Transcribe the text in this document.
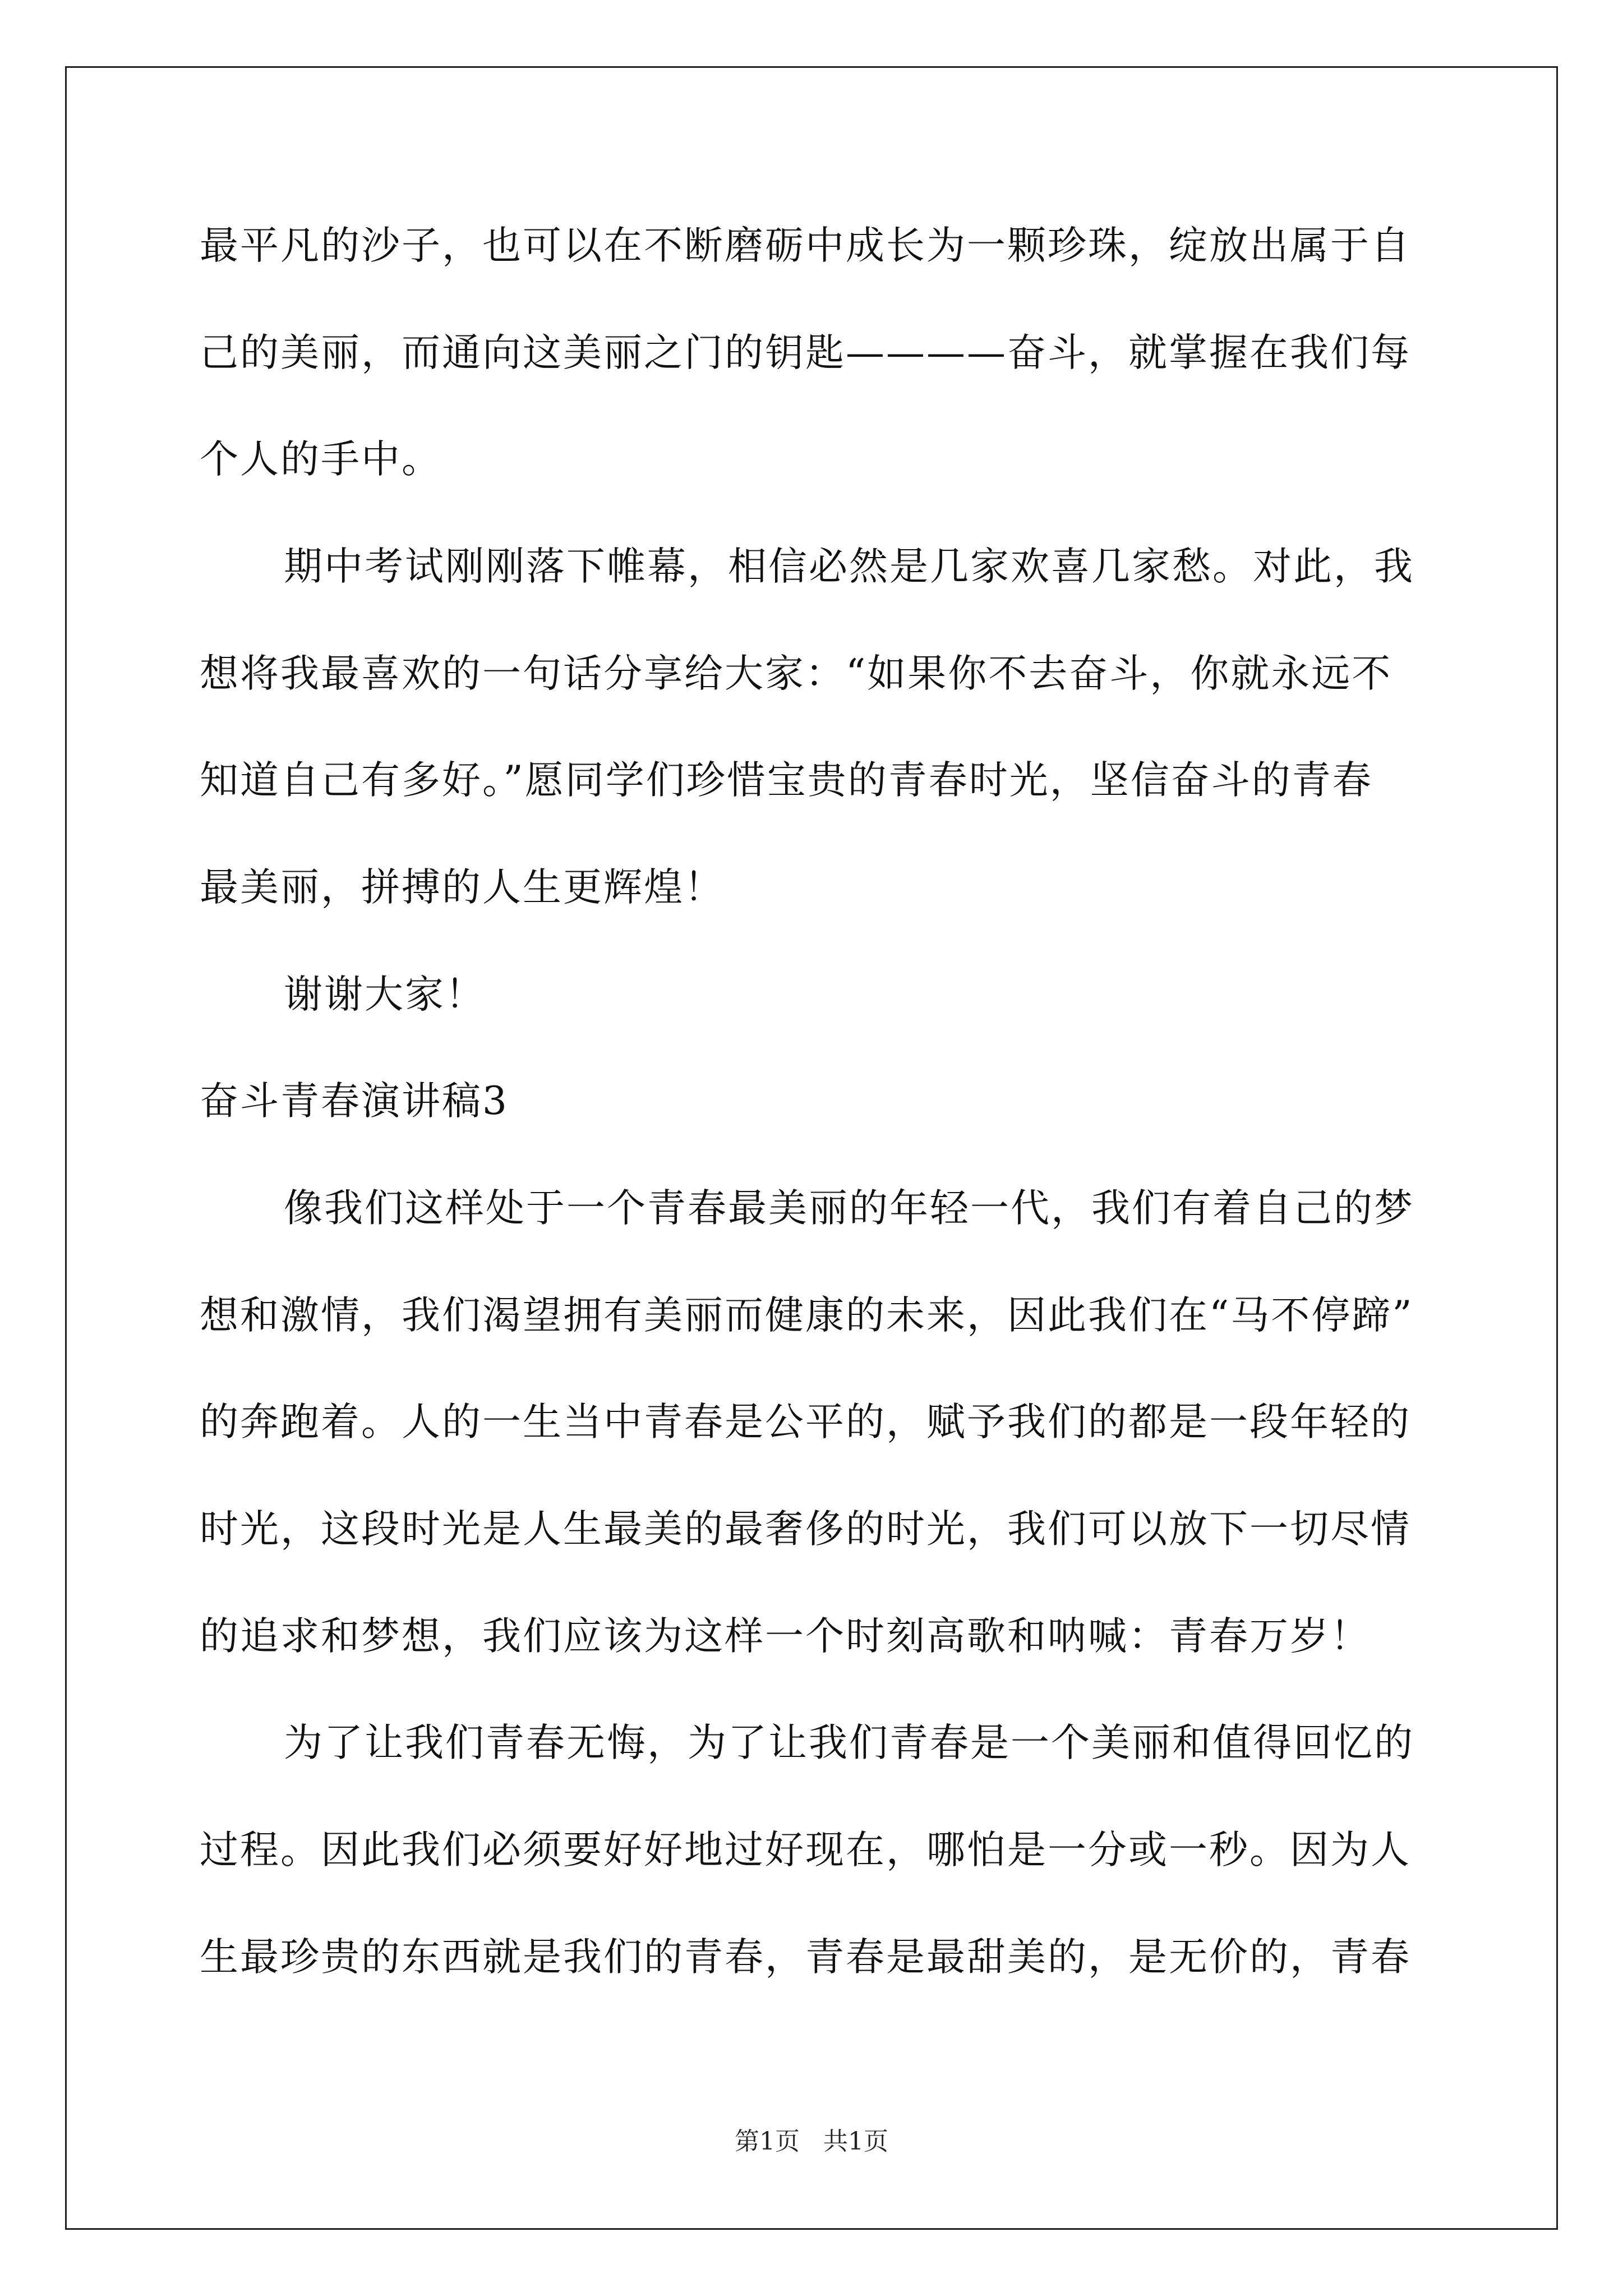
最平凡的沙子，也可以在不断磨砺中成长为一颗珍珠，绽放出属于自
己的美丽，而通向这美丽之门的钥匙————奋斗，就掌握在我们每
个人的手中。
期中考试刚刚落下帷幕，相信必然是几家欢喜几家愁。对此，我
想将我最喜欢的一句话分享给大家：“如果你不去奋斗，你就永远不
知道自己有多好。”愿同学们珍惜宝贵的青春时光，坚信奋斗的青春
最美丽，拼搏的人生更辉煌！
谢谢大家！
奋斗青春演讲稿3
像我们这样处于一个青春最美丽的年轻一代，我们有着自己的梦
想和激情，我们渴望拥有美丽而健康的未来，因此我们在“马不停蹄”
的奔跑着。人的一生当中青春是公平的，赋予我们的都是一段年轻的
时光，这段时光是人生最美的最奢侈的时光，我们可以放下一切尽情
的追求和梦想，我们应该为这样一个时刻高歌和呐喊：青春万岁！
为了让我们青春无悔，为了让我们青春是一个美丽和值得回忆的
过程。因此我们必须要好好地过好现在，哪怕是一分或一秒。因为人
生最珍贵的东西就是我们的青春，青春是最甜美的，是无价的，青春
第1页 共1页
